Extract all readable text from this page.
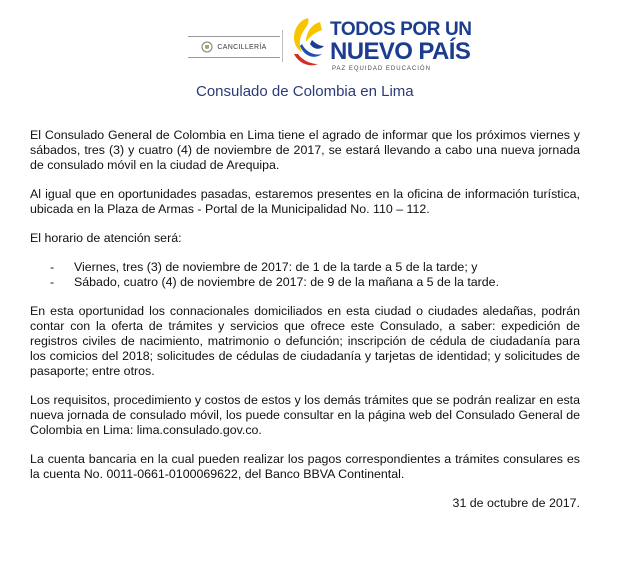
CANCILLERÍA
TODOS POR UN
NUEVO PAÍS
PAZ EQUIDAD EDUCACIÓN
Consulado de Colombia en Lima

El Consulado General de Colombia en Lima tiene el agrado de informar que los próximos viernes y sábados, tres (3) y cuatro (4) de noviembre de 2017, se estará llevando a cabo una nueva jornada de consulado móvil en la ciudad de Arequipa.

Al igual que en oportunidades pasadas, estaremos presentes en la oficina de información turística, ubicada en la Plaza de Armas - Portal de la Municipalidad No. 110 – 112.

El horario de atención será:

- Viernes, tres (3) de noviembre de 2017: de 1 de la tarde a 5 de la tarde; y
- Sábado, cuatro (4) de noviembre de 2017: de 9 de la mañana a 5 de la tarde.

En esta oportunidad los connacionales domiciliados en esta ciudad o ciudades aledañas, podrán contar con la oferta de trámites y servicios que ofrece este Consulado, a saber: expedición de registros civiles de nacimiento, matrimonio o defunción; inscripción de cédula de ciudadanía para los comicios del 2018; solicitudes de cédulas de ciudadanía y tarjetas de identidad; y solicitudes de pasaporte; entre otros.

Los requisitos, procedimiento y costos de estos y los demás trámites que se podrán realizar en esta nueva jornada de consulado móvil, los puede consultar en la página web del Consulado General de Colombia en Lima: lima.consulado.gov.co.

La cuenta bancaria en la cual pueden realizar los pagos correspondientes a trámites consulares es la cuenta No. 0011-0661-0100069622, del Banco BBVA Continental.

31 de octubre de 2017.
